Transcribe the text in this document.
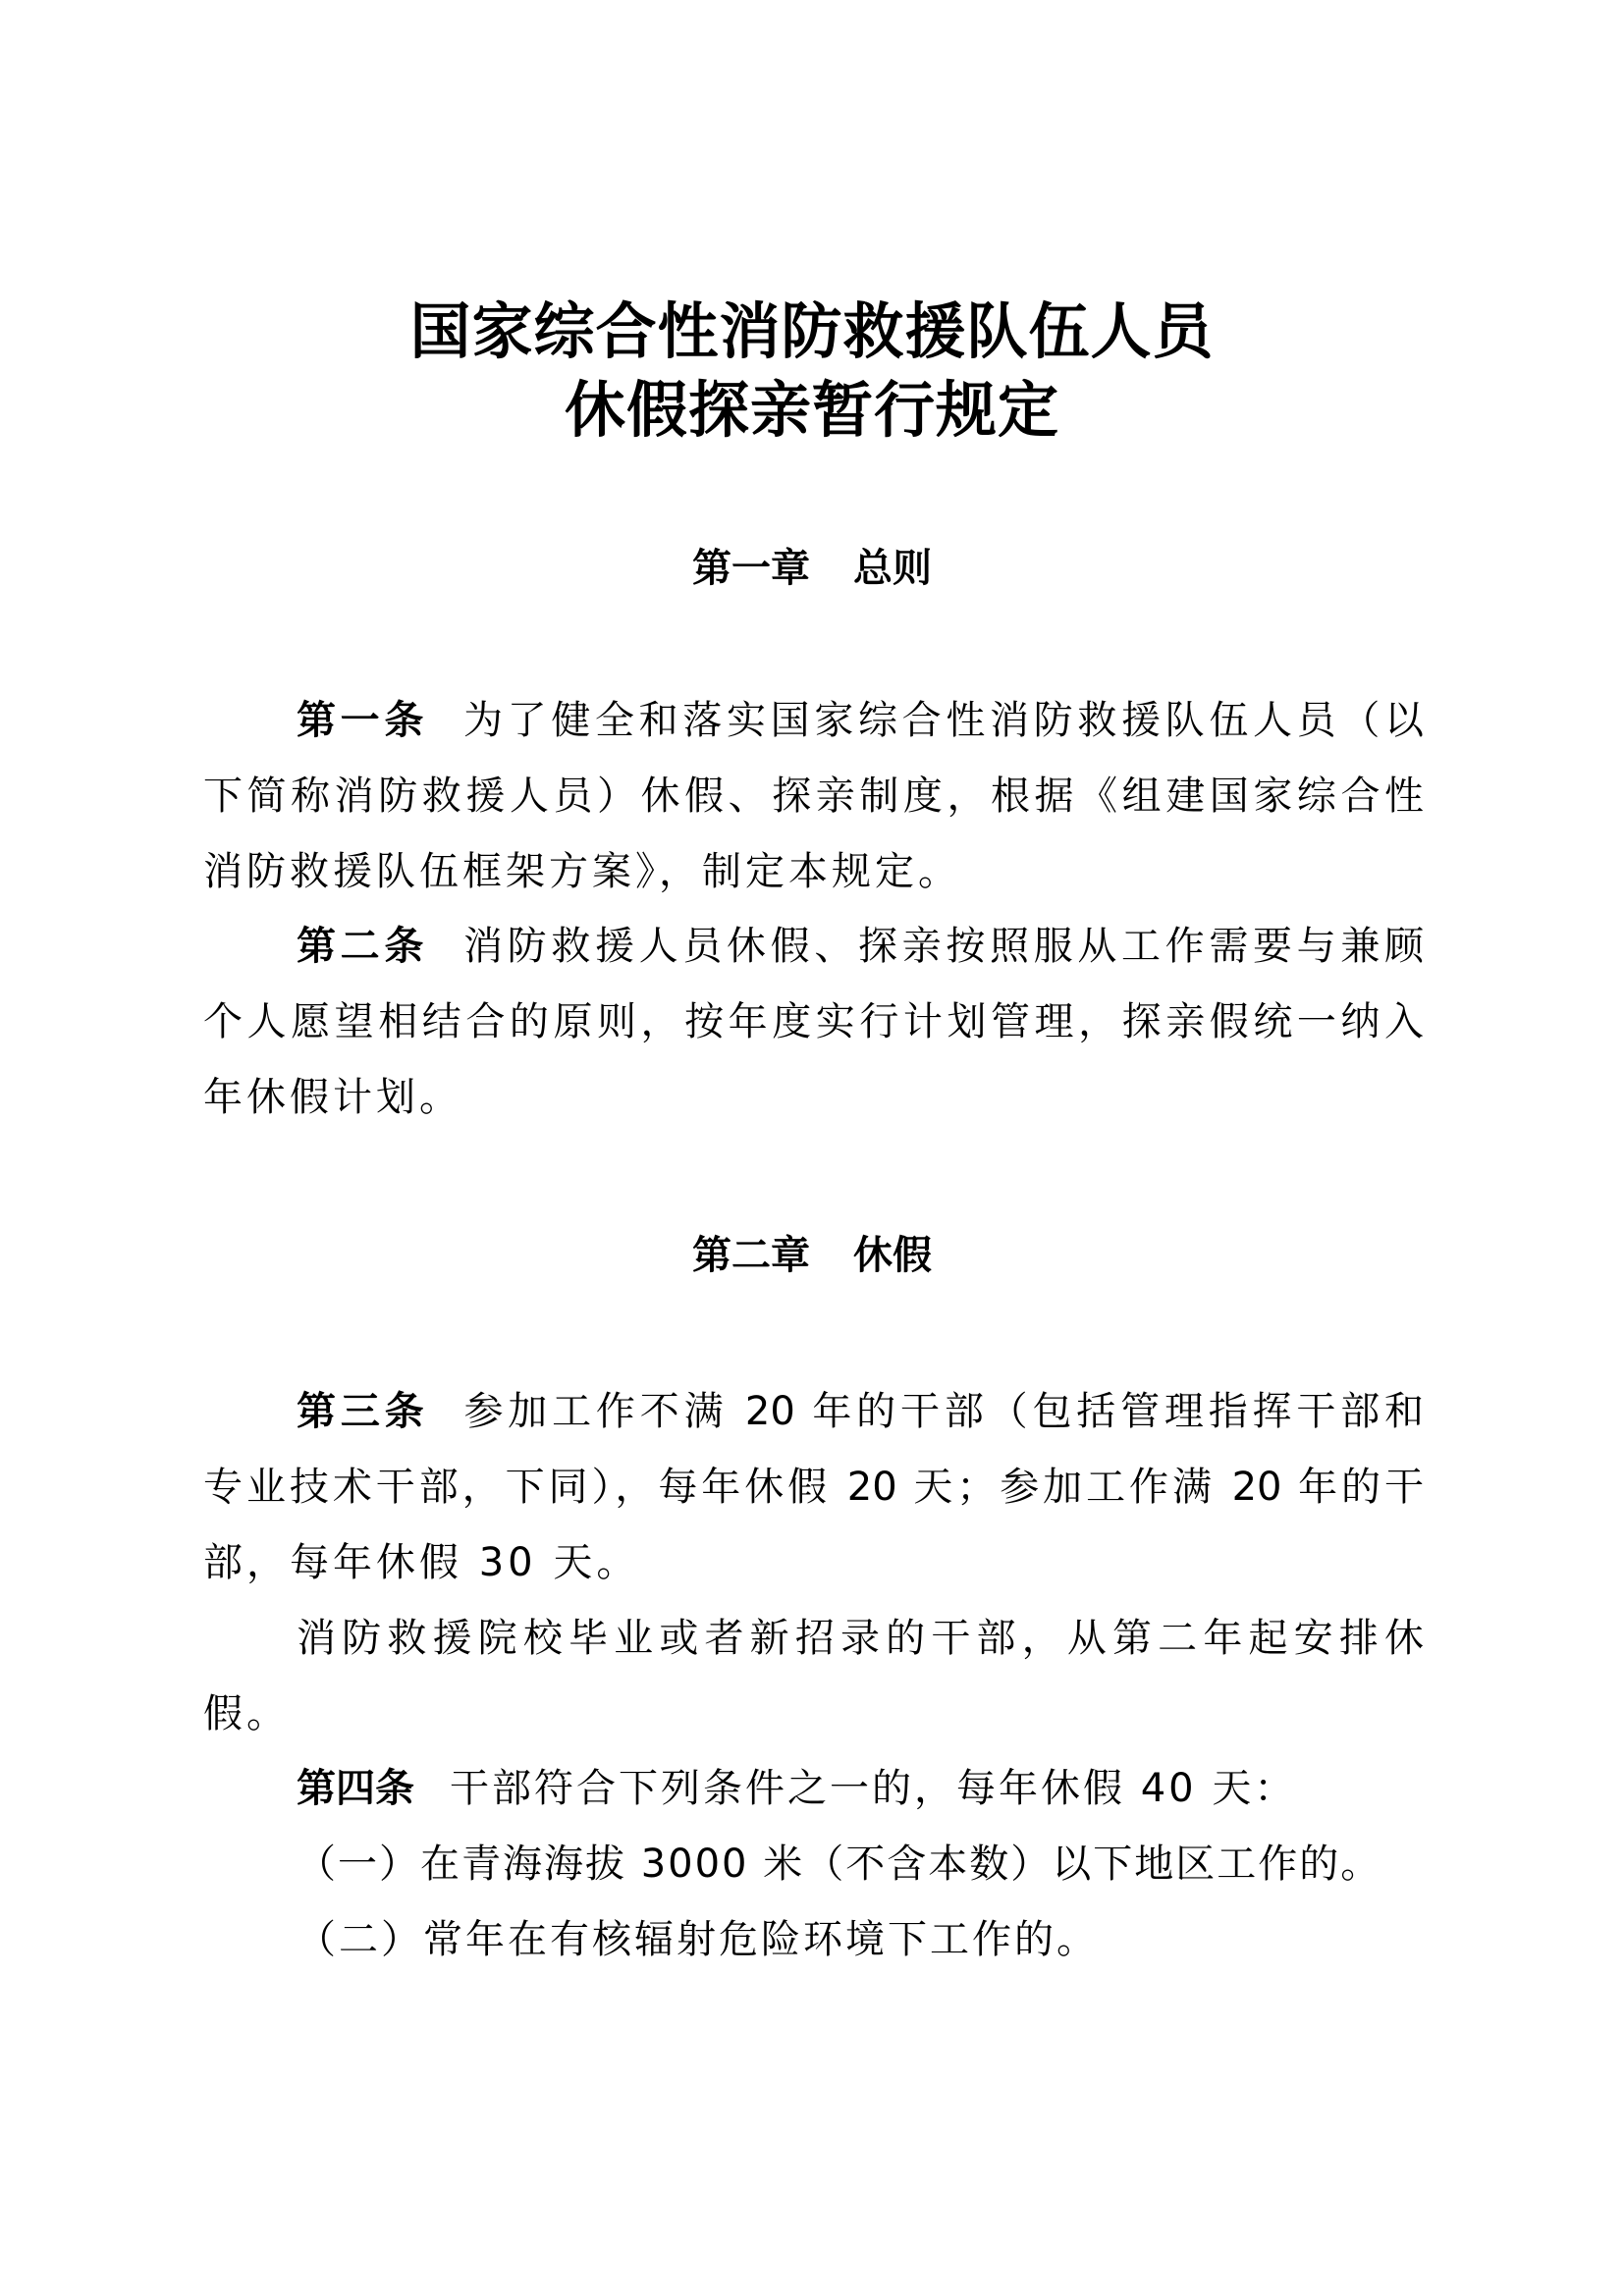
国家综合性消防救援队伍人员
休假探亲暂行规定
第一章 总则
第一条 为了健全和落实国家综合性消防救援队伍人员（以
下简称消防救援人员）休假、探亲制度，根据《组建国家综合性
消防救援队伍框架方案》，制定本规定。
第二条 消防救援人员休假、探亲按照服从工作需要与兼顾
个人愿望相结合的原则，按年度实行计划管理，探亲假统一纳入
年休假计划。
第二章 休假
第三条 参加工作不满 20 年的干部（包括管理指挥干部和
专业技术干部，下同），每年休假 20 天；参加工作满 20 年的干
部，每年休假 30 天。
消防救援院校毕业或者新招录的干部，从第二年起安排休
假。
第四条 干部符合下列条件之一的，每年休假 40 天：
（一）在青海海拔 3000 米（不含本数）以下地区工作的。
（二）常年在有核辐射危险环境下工作的。
